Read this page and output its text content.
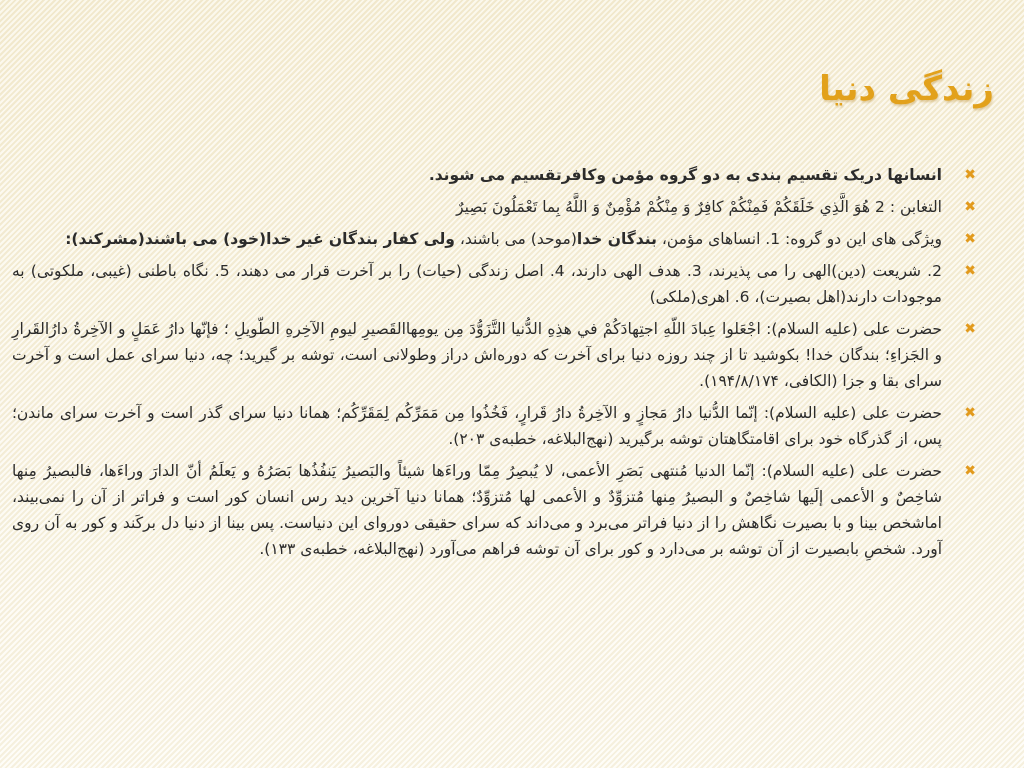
زندگی دنیا
✖
انسانها دریک تقسیم بندی به دو گروه مؤمن وکافرتقسیم می شوند.
✖
التغابن : 2 هُوَ الَّذِي خَلَقَكُمْ فَمِنْكُمْ كافِرٌ وَ مِنْكُمْ مُؤْمِنٌ وَ اللَّهُ بِما تَعْمَلُونَ بَصِيرٌ
✖
ویژگی های این دو گروه: 1. انساهای مؤمن، بندگان خدا(موحد) می باشند، ولی کفار بندگان غیر خدا(خود) می باشند(مشرکند):
✖
2. شریعت (دین)الهی را می پذیرند، 3. هدف الهی دارند، 4. اصل زندگی (حیات) را بر آخرت قرار می دهند، 5. نگاه باطنی (غیبی، ملکوتی) به موجودات دارند(اهل بصیرت)، 6. اهری(ملکی)
✖
حضرت علی (علیه السلام): اجْعَلوا عِبادَ اللّهِ اجتِهادَكُمْ في هذِهِ الدُّنيا التَّزَوُّدَ مِن يومِهاالقَصيرِ ليومِ الآخِرهِ الطّويلِ ؛ فإنّها دارُ عَمَلٍ و الآخِرةُ دارُالقَرارِ و الجَزاءِ؛ بندگان خدا! بکوشید تا از چند روزه دنیا برای آخرت که دوره‌اش دراز وطولانی است، توشه بر گیرید؛ چه، دنیا سرای عمل است و آخرت سرای بقا و جزا (الکافی، ۱۹۴/۸/۱۷۴).
✖
حضرت على (عليه السلام): إنّما الدُّنيا دارُ مَجازٍ و الآخِرةُ دارُ قَرارٍ، فَخُذُوا مِن مَمَرِّكُم لِمَقَرِّكُم؛ همانا دنيا سرای گذر است و آخرت سرای ماندن؛ پس، از گذرگاه خود برای اقامتگاهتان توشه برگيريد (نهج‌البلاغه، خطبه‌ی ۲۰۳).
✖
حضرت على (عليه السلام): إنّما الدنيا مُنتهى بَصَرِ الأعمى، لا يُبصِرُ مِمّا وراءَها شيئاً والبَصيرُ يَنفُذُها بَصَرُهُ و يَعلَمُ أنّ الدارَ وراءَها، فالبصيرُ مِنها شاخِصٌ و الأعمى إلَيها شاخِصٌ و البصيرُ مِنها مُتزوِّدٌ و الأعمى لها مُتزوِّدٌ؛ همانا دنیا آخرین دید رس انسان کور است و فراتر از آن را نمی‌بیند، اماشخص بینا و با بصیرت نگاهش را از دنیا فراتر می‌برد و می‌داند که سرای حقیقی دوروای این دنیاست. پس بینا از دنیا دل برکَند و کور به آن روی آورد. شخصِ بابصیرت از آن توشه بر می‌دارد و کور برای آن توشه فراهم می‌آورد (نهج‌البلاغه، خطبه‌ی ۱۳۳).
